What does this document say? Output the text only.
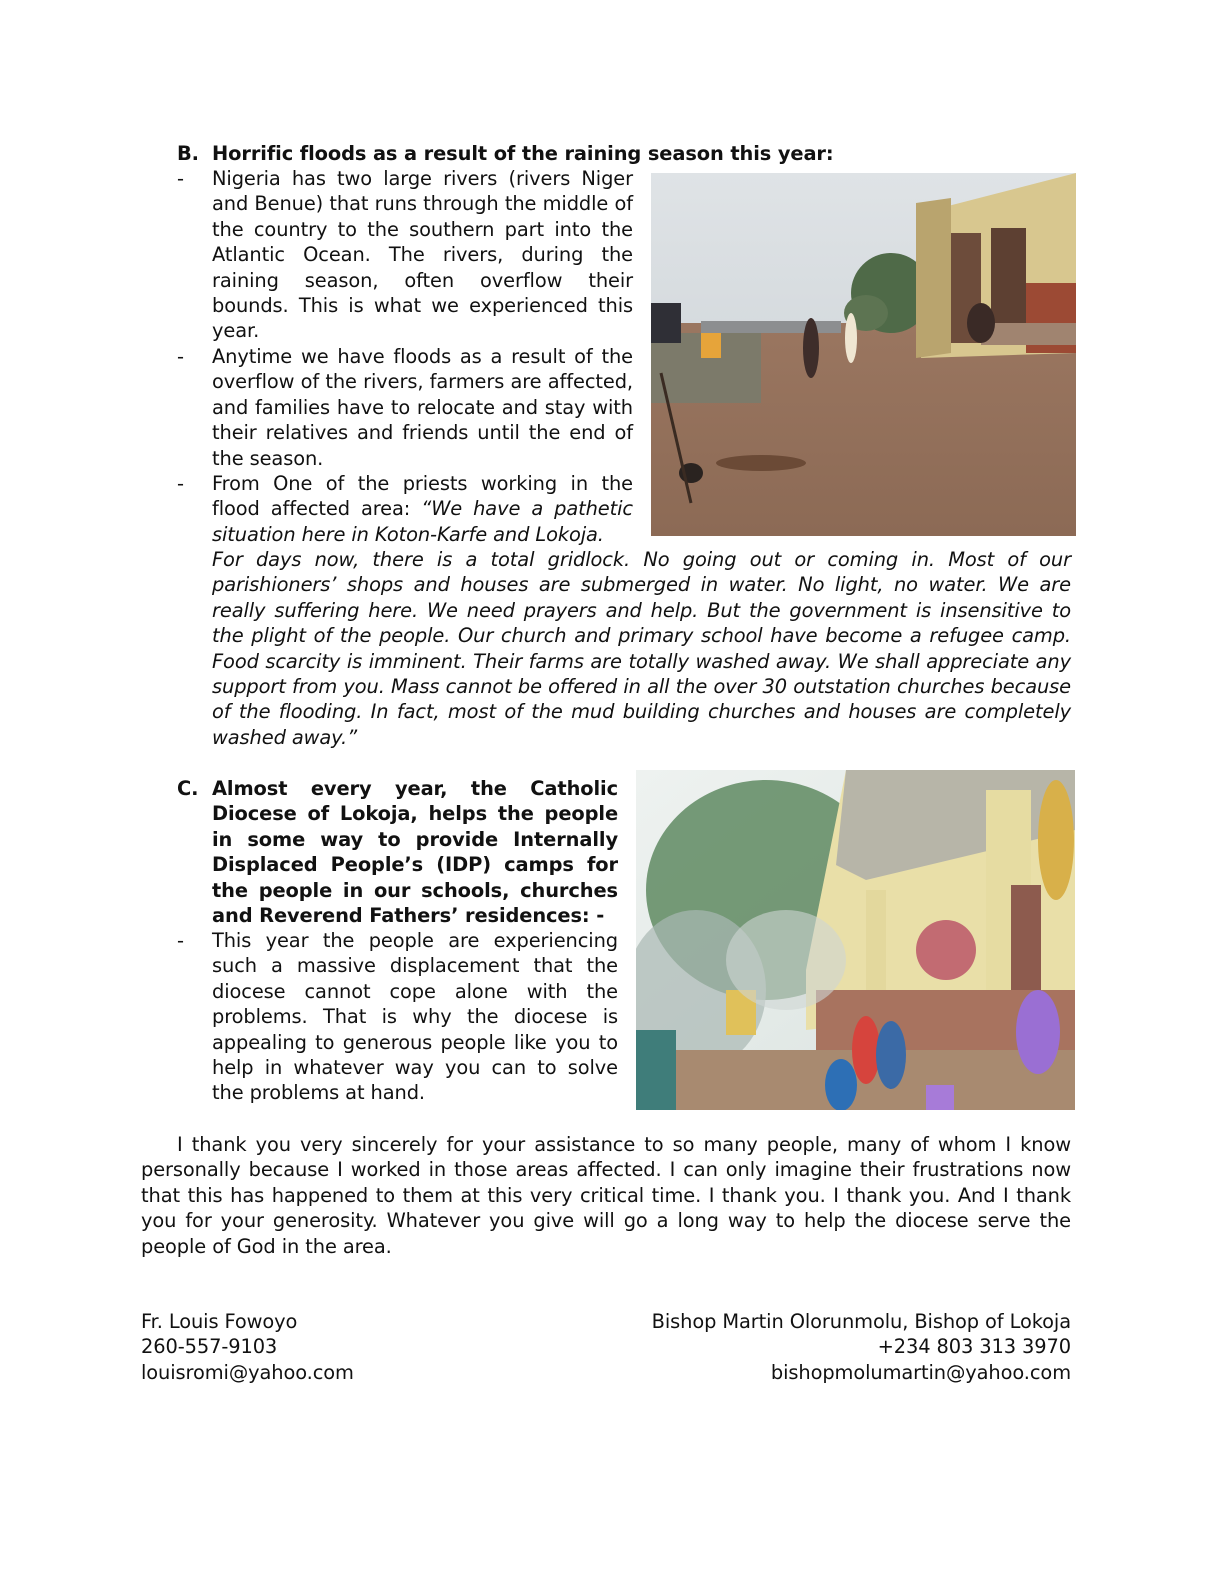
B. Horrific floods as a result of the raining season this year:
- Nigeria has two large rivers (rivers Niger and Benue) that runs through the middle of the country to the southern part into the Atlantic Ocean. The rivers, during the raining season, often overflow their bounds. This is what we experienced this year.

- Anytime we have floods as a result of the overflow of the rivers, farmers are affected, and families have to relocate and stay with their relatives and friends until the end of the season.

- From One of the priests working in the flood affected area: “We have a pathetic situation here in Koton-Karfe and Lokoja.

For days now, there is a total gridlock. No going out or coming in. Most of our parishioners’ shops and houses are submerged in water. No light, no water. We are really suffering here. We need prayers and help. But the government is insensitive to the plight of the people. Our church and primary school have become a refugee camp. Food scarcity is imminent. Their farms are totally washed away. We shall appreciate any support from you. Mass cannot be offered in all the over 30 outstation churches because of the flooding. In fact, most of the mud building churches and houses are completely washed away.”

C. Almost every year, the Catholic Diocese of Lokoja, helps the people in some way to provide Internally Displaced People’s (IDP) camps for the people in our schools, churches and Reverend Fathers’ residences: -

- This year the people are experiencing such a massive displacement that the diocese cannot cope alone with the problems. That is why the diocese is appealing to generous people like you to help in whatever way you can to solve the problems at hand.

I thank you very sincerely for your assistance to so many people, many of whom I know personally because I worked in those areas affected. I can only imagine their frustrations now that this has happened to them at this very critical time. I thank you. I thank you. And I thank you for your generosity. Whatever you give will go a long way to help the diocese serve the people of God in the area.

Fr. Louis Fowoyo
260-557-9103
louisromi@yahoo.com
Bishop Martin Olorunmolu, Bishop of Lokoja
+234 803 313 3970
bishopmolumartin@yahoo.com
